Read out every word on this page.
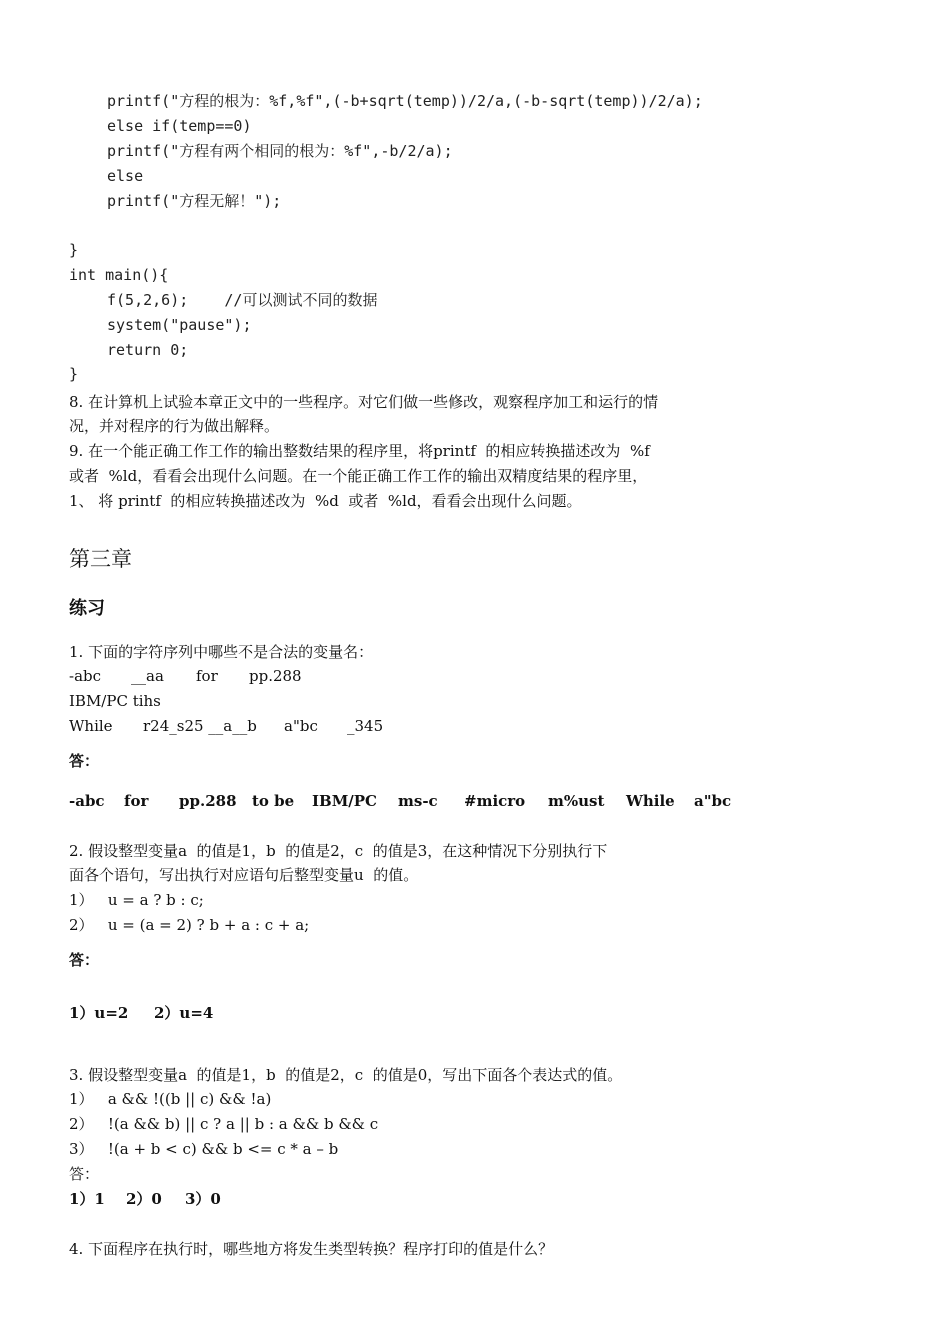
printf("方程的根为：%f,%f",(-b+sqrt(temp))/2/a,(-b-sqrt(temp))/2/a);
else if(temp==0)
printf("方程有两个相同的根为：%f",-b/2/a);
else
printf("方程无解！");
}
int main(){
f(5,2,6);    //可以测试不同的数据
system("pause");
return 0;
}
8. 在计算机上试验本章正文中的一些程序。对它们做一些修改，观察程序加工和运行的情
况，并对程序的行为做出解释。
9. 在一个能正确工作工作的输出整数结果的程序里，将printf  的相应转换描述改为  %f
或者  %ld，看看会出现什么问题。在一个能正确工作工作的输出双精度结果的程序里，
1、 将 printf  的相应转换描述改为  %d  或者  %ld，看看会出现什么问题。
第三章
练习
1. 下面的字符序列中哪些不是合法的变量名：

-abc

__aa

for

pp.288

IBM/PC tihs

While

r24_s25 __a__b

a"bc

_345

答：

-abc

for

pp.288

to be

IBM/PC

ms-c

#micro

m%ust

While

a"bc

2. 假设整型变量a  的值是1，b  的值是2，c  的值是3，在这种情况下分别执行下
面各个语句，写出执行对应语句后整型变量u  的值。
1）   u = a ? b : c;
2）   u = (a = 2) ? b + a : c + a;
答：

1）u=2

2）u=4

3. 假设整型变量a  的值是1，b  的值是2，c  的值是0，写出下面各个表达式的值。
1）   a && !((b || c) && !a)
2）   !(a && b) || c ? a || b : a && b && c
3）   !(a + b < c) && b <= c * a – b
答：

1）1

2）0

3）0

4. 下面程序在执行时，哪些地方将发生类型转换？程序打印的值是什么？
